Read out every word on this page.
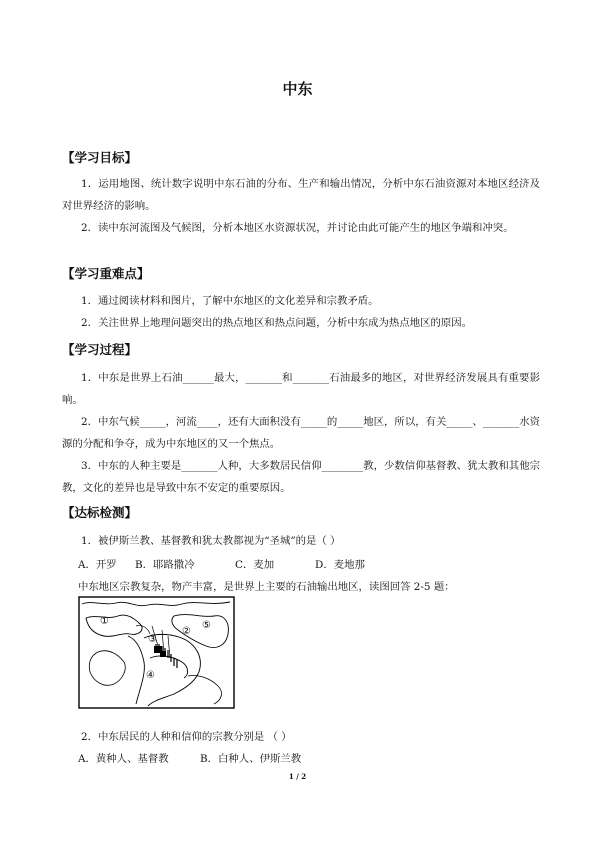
中东
【学习目标】
1．运用地图、统计数字说明中东石油的分布、生产和输出情况，分析中东石油资源对本地区经济及对世界经济的影响。
2．读中东河流图及气候图，分析本地区水资源状况，并讨论由此可能产生的地区争端和冲突。
【学习重难点】
1．通过阅读材料和图片，了解中东地区的文化差异和宗教矛盾。
2．关注世界上地理问题突出的热点地区和热点问题，分析中东成为热点地区的原因。
【学习过程】
1．中东是世界上石油______最大，_______和_______石油最多的地区，对世界经济发展具有重要影响。
2．中东气候_____，河流____，还有大面积没有_____的_____地区，所以，有关_____、_______水资源的分配和争夺，成为中东地区的又一个焦点。
3．中东的人种主要是_______人种，大多数居民信仰________教，少数信仰基督教、犹太教和其他宗教，文化的差异也是导致中东不安定的重要原因。
【达标检测】
1．被伊斯兰教、基督教和犹太教都视为“圣城”的是（ ）
A．开罗 B．耶路撒冷	C．麦加	D．麦地那
中东地区宗教复杂，物产丰富，是世界上主要的石油输出地区，读图回答 2-5 题：
①
②
③
④
⑤
2．中东居民的人种和信仰的宗教分别是 （ ）
A．黄种人、基督教	B．白种人、伊斯兰教
1 / 2
